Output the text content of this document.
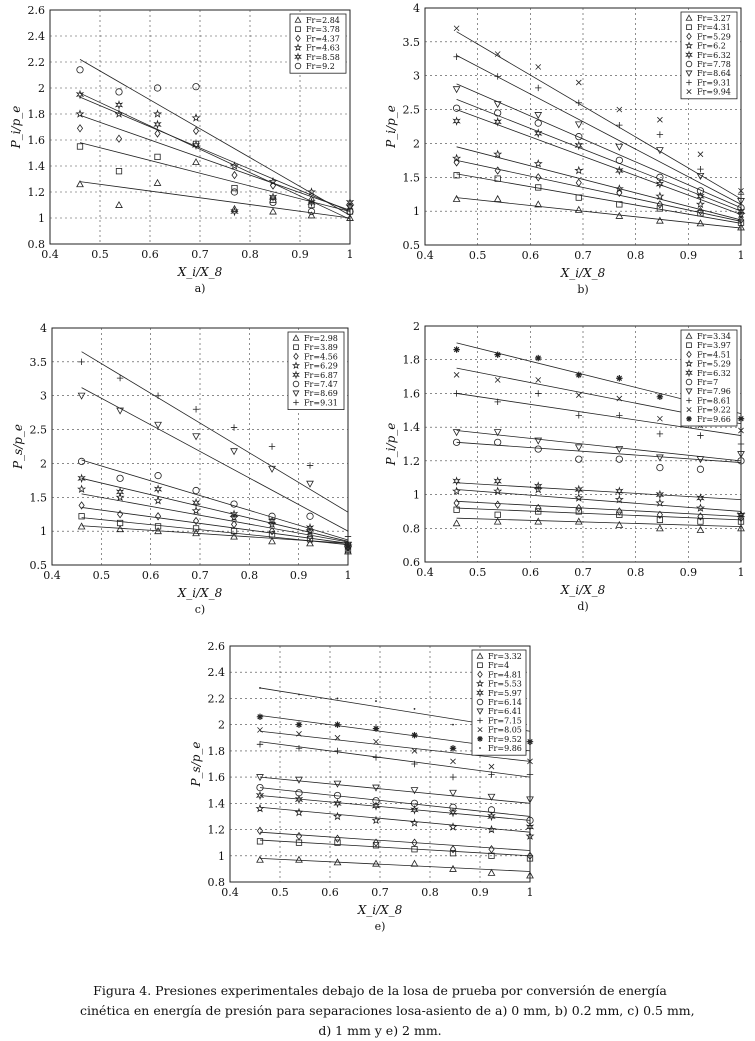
0.4	0.5	0.6	0.7	0.8	0.9	1
0.8
1
1.2
1.4
1.6
1.8
2
2.2
2.4
2.6
X_i/X_8
P_i/p_e
a)
Fr=2.84
Fr=3.78
Fr=4.37
Fr=4.63
Fr=8.58
Fr=9.2
0.4	0.5	0.6	0.7	0.8	0.9	1
0.5
1
1.5
2
2.5
3
3.5
4
X_i/X_8
P_i/p_e
b)
Fr=3.27
Fr=4.31
Fr=5.29
Fr=6.2
Fr=6.32
Fr=7.78
Fr=8.64
Fr=9.31
Fr=9.94
0.4	0.5	0.6	0.7	0.8	0.9	1
0.5
1
1.5
2
2.5
3
3.5
4
X_i/X_8
P_s/p_e
c)
Fr=2.98
Fr=3.89
Fr=4.56
Fr=6.29
Fr=6.87
Fr=7.47
Fr=8.69
Fr=9.31
0.4	0.5	0.6	0.7	0.8	0.9	1
0.6
0.8
1
1.2
1.4
1.6
1.8
2
X_i/X_8
P_i/p_e
d)
Fr=3.34
Fr=3.97
Fr=4.51
Fr=5.29
Fr=6.32
Fr=7
Fr=7.96
Fr=8.61
Fr=9.22
Fr=9.66
0.4	0.5	0.6	0.7	0.8	0.9	1
0.8
1
1.2
1.4
1.6
1.8
2
2.2
2.4
2.6
X_i/X_8
P_s/p_e
e)
Fr=3.32
Fr=4
Fr=4.81
Fr=5.53
Fr=5.97
Fr=6.14
Fr=6.41
Fr=7.15
Fr=8.05
Fr=9.52
Fr=9.86
Figura 4. Presiones experimentales debajo de la losa de prueba por conversión de energía
cinética en energía de presión para separaciones losa-asiento de a) 0 mm, b) 0.2 mm, c) 0.5 mm,
d) 1 mm y e) 2 mm.
